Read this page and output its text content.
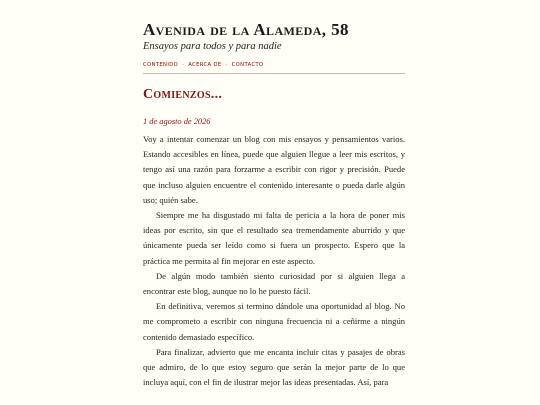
Avenida de la Alameda, 58
Ensayos para todos y para nadie
CONTENIDO · ACERCA DE · CONTACTO
Comienzos...
1 de agosto de 2026

Voy a intentar comenzar un blog con mis ensayos y pensamientos varios. Estando accesibles en línea, puede que alguien llegue a leer mis escritos, y tengo así una razón para forzarme a escribir con rigor y precisión. Puede que incluso alguien encuentre el contenido interesante o pueda darle algún uso; quién sabe.

Siempre me ha disgustado mi falta de pericia a la hora de poner mis ideas por escrito, sin que el resultado sea tremendamente aburrido y que únicamente pueda ser leído como si fuera un prospecto. Espero que la práctica me permita al fin mejorar en este aspecto.

De algún modo también siento curiosidad por si alguien llega a encontrar este blog, aunque no lo he puesto fácil.

En definitiva, veremos si termino dándole una oportunidad al blog. No me comprometo a escribir con ninguna frecuencia ni a ceñirme a ningún contenido demasiado específico.

Para finalizar, advierto que me encanta incluir citas y pasajes de obras que admiro, de lo que estoy seguro que serán la mejor parte de lo que incluya aquí, con el fin de ilustrar mejor las ideas presentadas. Así, para
